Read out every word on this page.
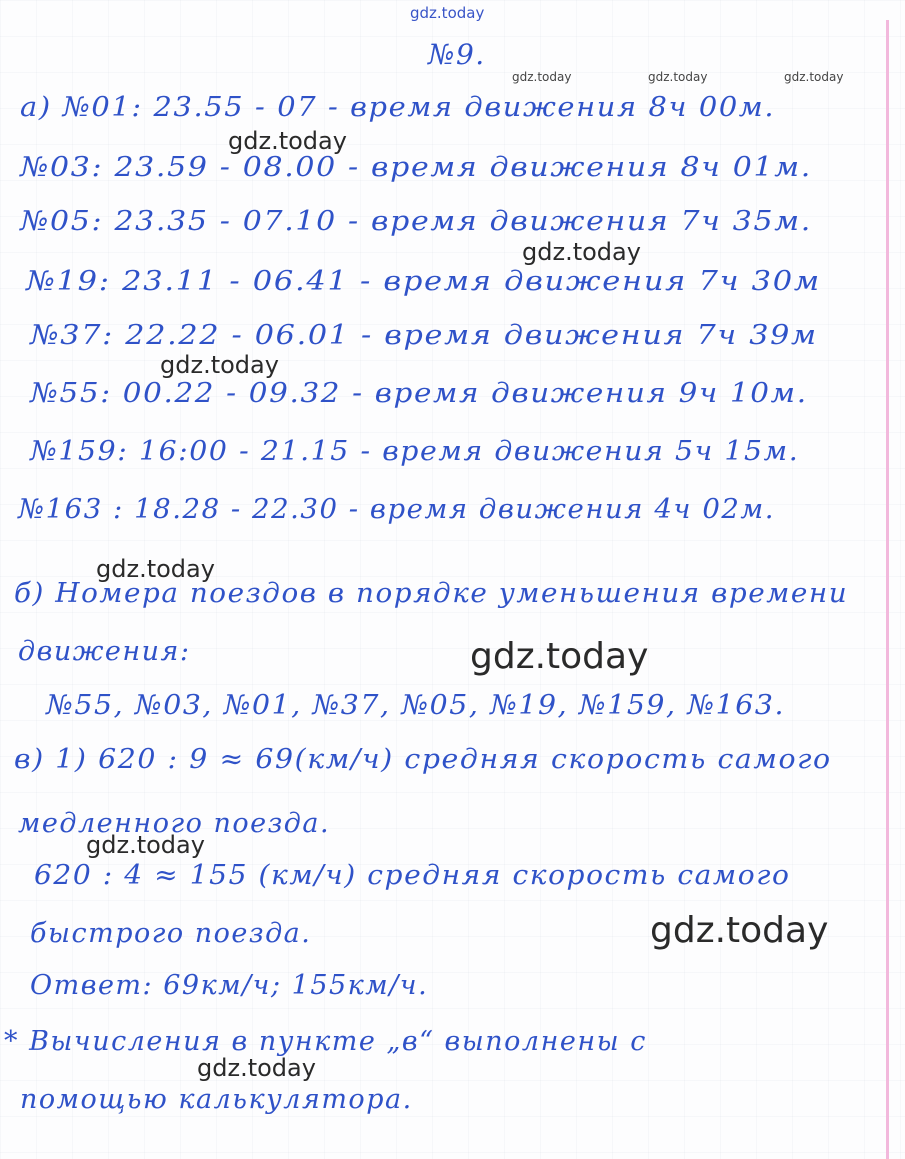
№9.
а) №01: 23.55 - 07 - время движения 8ч 00м.
№03: 23.59 - 08.00 - время движения 8ч 01м.
№05: 23.35 - 07.10 - время движения 7ч 35м.
№19: 23.11 - 06.41 - время движения 7ч 30м
№37: 22.22 - 06.01 - время движения 7ч 39м
№55: 00.22 - 09.32 - время движения 9ч 10м.
№159: 16:00 - 21.15 - время движения 5ч 15м.
№163 : 18.28 - 22.30 - время движения 4ч 02м.
б) Номера поездов в порядке уменьшения времени
движения:
№55, №03, №01, №37, №05, №19, №159, №163.
в) 1) 620 : 9 ≈ 69(км/ч) средняя скорость самого
медленного поезда.
620 : 4 ≈ 155 (км/ч) средняя скорость самого
быстрого поезда.
Ответ: 69км/ч; 155км/ч.
* Вычисления в пункте „в“ выполнены с
помощью калькулятора.
gdz.today
gdz.today	gdz.today	gdz.today
gdz.today
gdz.today
gdz.today
gdz.today
gdz.today
gdz.today
gdz.today
gdz.today
